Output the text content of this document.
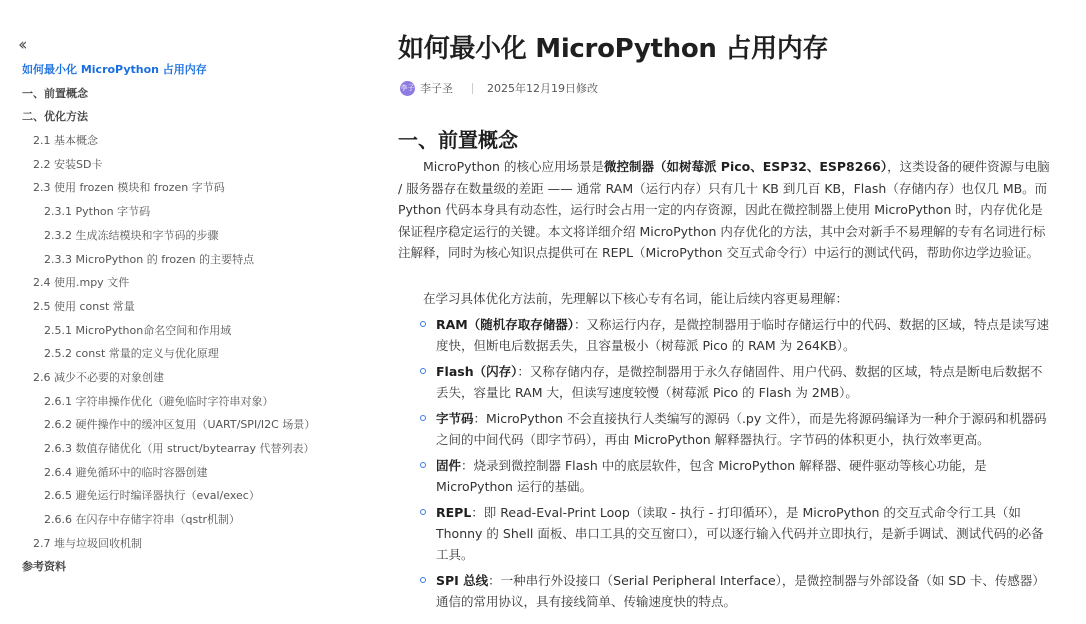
‹‹
如何最小化 MicroPython 占用内存
一、前置概念
二、优化方法
2.1 基本概念
2.2 安装SD卡
2.3 使用 frozen 模块和 frozen 字节码
2.3.1 Python 字节码
2.3.2 生成冻结模块和字节码的步骤
2.3.3 MicroPython 的 frozen 的主要特点
2.4 使用.mpy 文件
2.5 使用 const 常量
2.5.1 MicroPython命名空间和作用域
2.5.2 const 常量的定义与优化原理
2.6 减少不必要的对象创建
2.6.1 字符串操作优化（避免临时字符串对象）
2.6.2 硬件操作中的缓冲区复用（UART/SPI/I2C 场景）
2.6.3 数值存储优化（用 struct/bytearray 代替列表）
2.6.4 避免循环中的临时容器创建
2.6.5 避免运行时编译器执行（eval/exec）
2.6.6 在闪存中存储字符串（qstr机制）
2.7 堆与垃圾回收机制
参考资料
如何最小化 MicroPython 占用内存
李子 李子圣	2025年12月19日修改
一、前置概念

MicroPython 的核心应用场景是微控制器（如树莓派 Pico、ESP32、ESP8266），这类设备的硬件资源与电脑 / 服务器存在数量级的差距 —— 通常 RAM（运行内存）只有几十 KB 到几百 KB，Flash（存储内存）也仅几 MB。而 Python 代码本身具有动态性，运行时会占用一定的内存资源，因此在微控制器上使用 MicroPython 时，内存优化是保证程序稳定运行的关键。本文将详细介绍 MicroPython 内存优化的方法，其中会对新手不易理解的专有名词进行标注解释，同时为核心知识点提供可在 REPL（MicroPython 交互式命令行）中运行的测试代码，帮助你边学边验证。

在学习具体优化方法前，先理解以下核心专有名词，能让后续内容更易理解：

RAM（随机存取存储器）：又称运行内存，是微控制器用于临时存储运行中的代码、数据的区域，特点是读写速度快，但断电后数据丢失，且容量极小（树莓派 Pico 的 RAM 为 264KB）。
Flash（闪存）：又称存储内存，是微控制器用于永久存储固件、用户代码、数据的区域，特点是断电后数据不丢失，容量比 RAM 大，但读写速度较慢（树莓派 Pico 的 Flash 为 2MB）。
字节码：MicroPython 不会直接执行人类编写的源码（.py 文件），而是先将源码编译为一种介于源码和机器码之间的中间代码（即字节码），再由 MicroPython 解释器执行。字节码的体积更小，执行效率更高。
固件：烧录到微控制器 Flash 中的底层软件，包含 MicroPython 解释器、硬件驱动等核心功能，是 MicroPython 运行的基础。
REPL：即 Read-Eval-Print Loop（读取 - 执行 - 打印循环），是 MicroPython 的交互式命令行工具（如 Thonny 的 Shell 面板、串口工具的交互窗口），可以逐行输入代码并立即执行，是新手调试、测试代码的必备工具。
SPI 总线：一种串行外设接口（Serial Peripheral Interface），是微控制器与外部设备（如 SD 卡、传感器）通信的常用协议，具有接线简单、传输速度快的特点。
